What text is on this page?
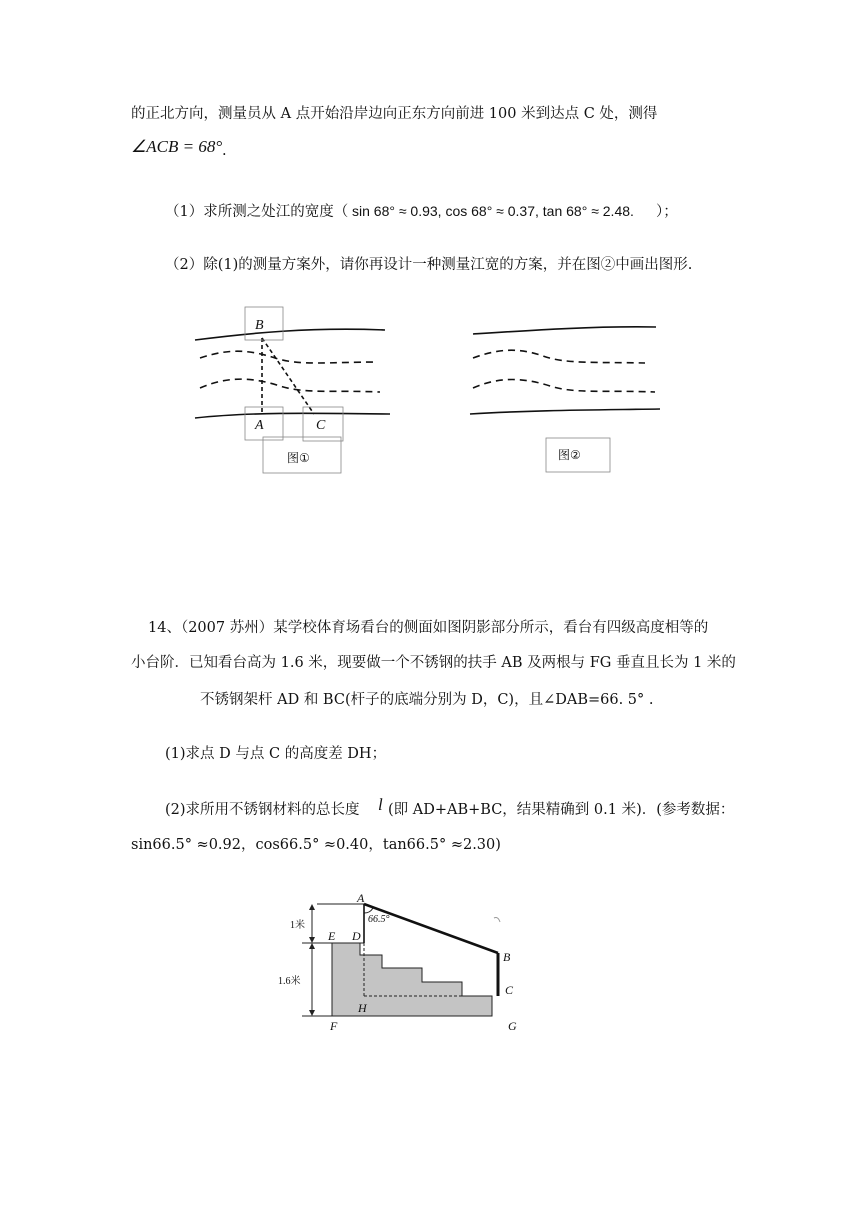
的正北方向，测量员从 A 点开始沿岸边向正东方向前进 100 米到达点 C 处，测得
∠ACB = 68° .
（1）求所测之处江的宽度（ sin 68° ≈ 0.93, cos 68° ≈ 0.37, tan 68° ≈ 2.48. ）；
（2）除(1)的测量方案外，请你再设计一种测量江宽的方案，并在图②中画出图形.
B
A	C
图①	图②
14、（2007 苏州）某学校体育场看台的侧面如图阴影部分所示，看台有四级高度相等的
小台阶．已知看台高为 1.6 米，现要做一个不锈钢的扶手 AB 及两根与 FG 垂直且长为 1 米的
不锈钢架杆 AD 和 BC(杆子的底端分别为 D，C)，且∠DAB=66. 5° .
(1)求点 D 与点 C 的高度差 DH；
(2)求所用不锈钢材料的总长度 l (即 AD+AB+BC，结果精确到 0.1 米)．(参考数据：
sin66.5° ≈0.92，cos66.5° ≈0.40，tan66.5° ≈2.30)
A
B
C
D
E
F	G
H
66.5°
1米
1.6米
